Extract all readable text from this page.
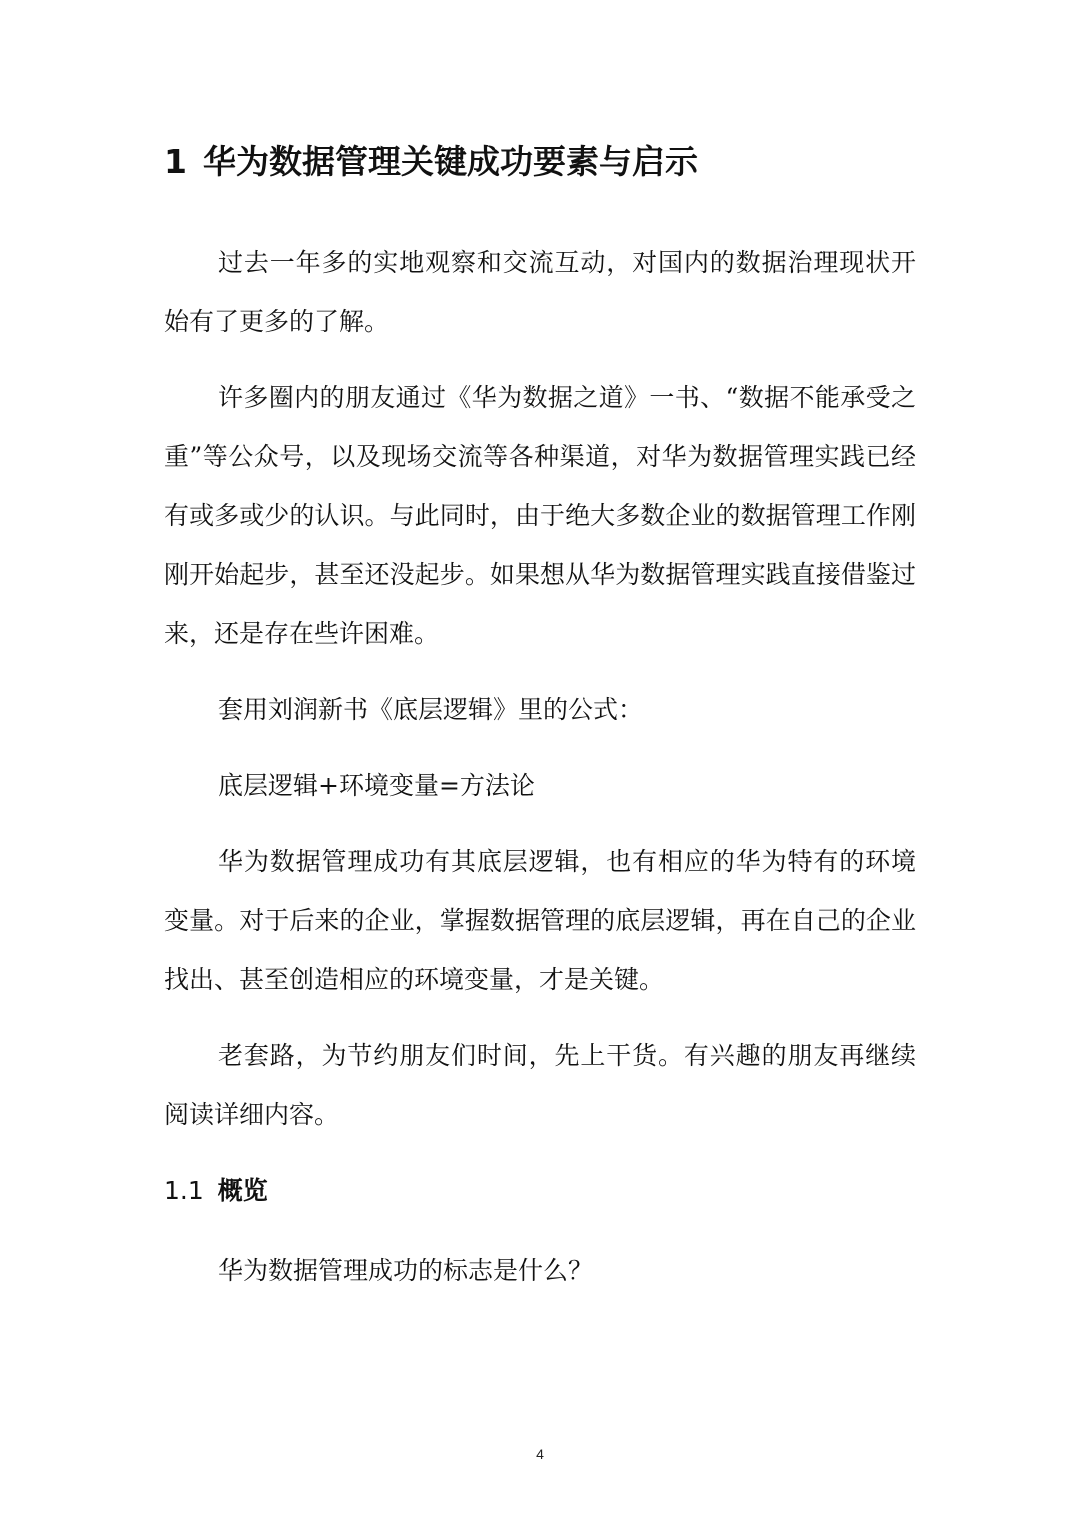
1 华为数据管理关键成功要素与启示

过去一年多的实地观察和交流互动，对国内的数据治理现状开始有了更多的了解。

许多圈内的朋友通过《华为数据之道》一书、“数据不能承受之重”等公众号，以及现场交流等各种渠道，对华为数据管理实践已经有或多或少的认识。与此同时，由于绝大多数企业的数据管理工作刚刚开始起步，甚至还没起步。如果想从华为数据管理实践直接借鉴过来，还是存在些许困难。

套用刘润新书《底层逻辑》里的公式：

底层逻辑+环境变量=方法论

华为数据管理成功有其底层逻辑，也有相应的华为特有的环境变量。对于后来的企业，掌握数据管理的底层逻辑，再在自己的企业找出、甚至创造相应的环境变量，才是关键。

老套路，为节约朋友们时间，先上干货。有兴趣的朋友再继续阅读详细内容。

1.1 概览

华为数据管理成功的标志是什么？

4
